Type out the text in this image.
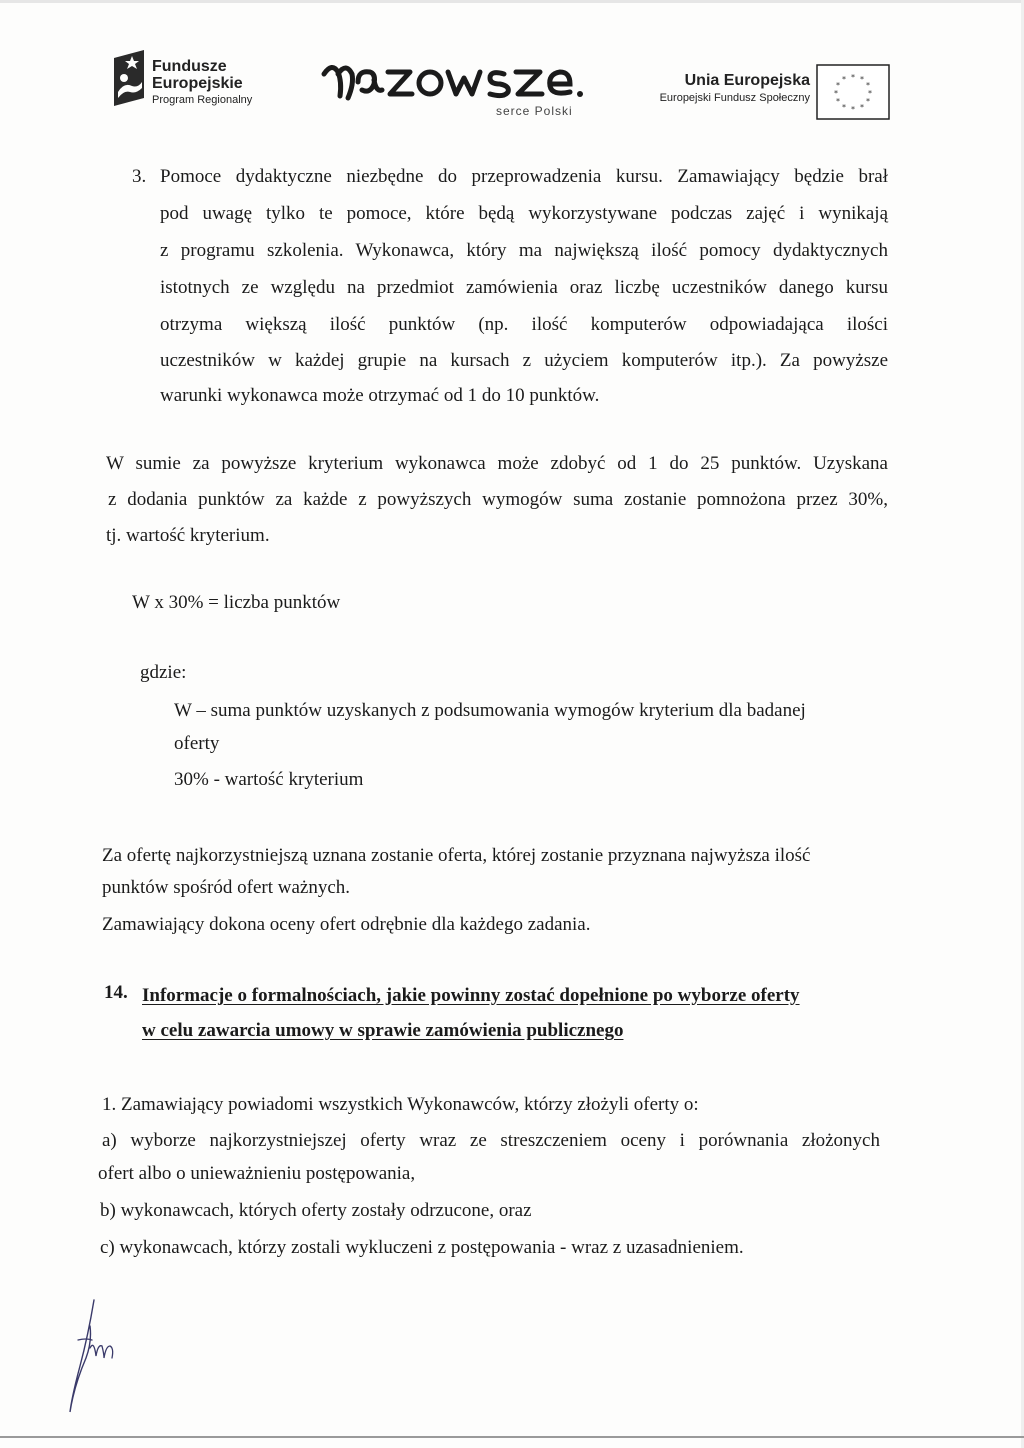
Fundusze
Europejskie
Program Regionalny
serce Polski
Unia Europejska
Europejski Fundusz Społeczny
* *
*
*
*
*
*
*
*
*
*
*
3. Pomoce dydaktyczne niezbędne do przeprowadzenia kursu. Zamawiający będzie brał
pod uwagę tylko te pomoce, które będą wykorzystywane podczas zajęć i wynikają
z programu szkolenia. Wykonawca, który ma największą ilość pomocy dydaktycznych
istotnych ze względu na przedmiot zamówienia oraz liczbę uczestników danego kursu
otrzyma większą ilość punktów (np. ilość komputerów odpowiadająca ilości
uczestników w każdej grupie na kursach z użyciem komputerów itp.). Za powyższe
warunki wykonawca może otrzymać od 1 do 10 punktów.
W sumie za powyższe kryterium wykonawca może zdobyć od 1 do 25 punktów. Uzyskana
z dodania punktów za każde z powyższych wymogów suma zostanie pomnożona przez 30%,
tj. wartość kryterium.
W x 30% = liczba punktów
gdzie:
W – suma punktów uzyskanych z podsumowania wymogów kryterium dla badanej
oferty
30% - wartość kryterium
Za ofertę najkorzystniejszą uznana zostanie oferta, której zostanie przyznana najwyższa ilość
punktów spośród ofert ważnych.
Zamawiający dokona oceny ofert odrębnie dla każdego zadania.
14. Informacje o formalnościach, jakie powinny zostać dopełnione po wyborze oferty
w celu zawarcia umowy w sprawie zamówienia publicznego
1. Zamawiający powiadomi wszystkich Wykonawców, którzy złożyli oferty o:
a) wyborze najkorzystniejszej oferty wraz ze streszczeniem oceny i porównania złożonych
ofert albo o unieważnieniu postępowania,
b) wykonawcach, których oferty zostały odrzucone, oraz
c) wykonawcach, którzy zostali wykluczeni z postępowania - wraz z uzasadnieniem.
